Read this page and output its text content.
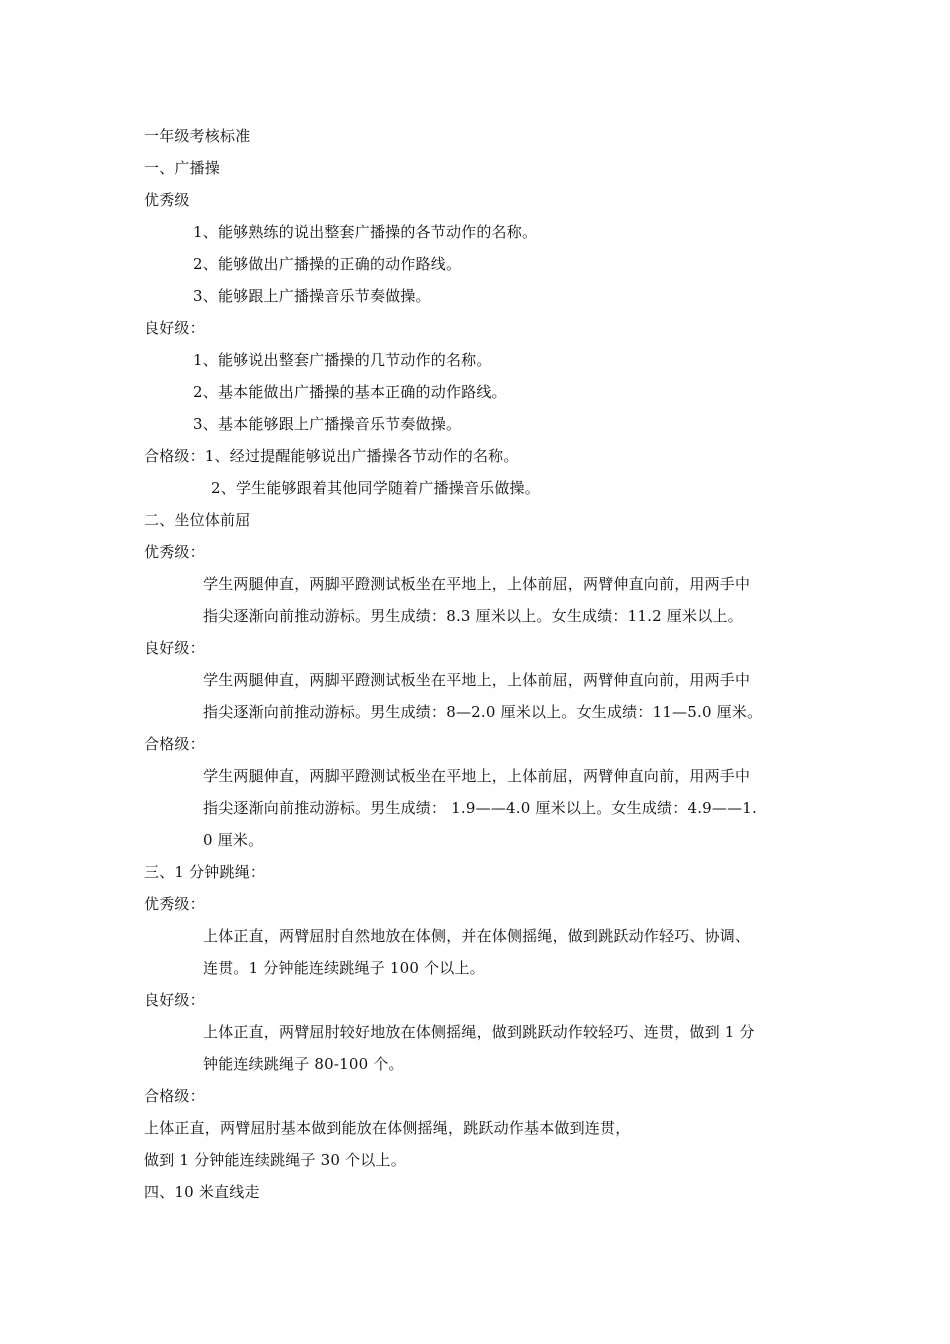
一年级考核标准
一、广播操
优秀级
1、能够熟练的说出整套广播操的各节动作的名称。
2、能够做出广播操的正确的动作路线。
3、能够跟上广播操音乐节奏做操。
良好级：
1、能够说出整套广播操的几节动作的名称。
2、基本能做出广播操的基本正确的动作路线。
3、基本能够跟上广播操音乐节奏做操。
合格级：1、经过提醒能够说出广播操各节动作的名称。
2、学生能够跟着其他同学随着广播操音乐做操。
二、坐位体前屈
优秀级：
学生两腿伸直，两脚平蹬测试板坐在平地上，上体前屈，两臂伸直向前，用两手中
指尖逐渐向前推动游标。男生成绩：8.3 厘米以上。女生成绩：11.2 厘米以上。
良好级：
学生两腿伸直，两脚平蹬测试板坐在平地上，上体前屈，两臂伸直向前，用两手中
指尖逐渐向前推动游标。男生成绩：8—2.0 厘米以上。女生成绩：11—5.0 厘米。
合格级：
学生两腿伸直，两脚平蹬测试板坐在平地上，上体前屈，两臂伸直向前，用两手中
指尖逐渐向前推动游标。男生成绩： 1.9——4.0 厘米以上。女生成绩：4.9——1.
0 厘米。
三、1 分钟跳绳：
优秀级：
上体正直，两臂屈肘自然地放在体侧，并在体侧摇绳，做到跳跃动作轻巧、协调、
连贯。1 分钟能连续跳绳子 100 个以上。
良好级：
上体正直，两臂屈肘较好地放在体侧摇绳，做到跳跃动作较轻巧、连贯，做到 1 分
钟能连续跳绳子 80-100 个。
合格级：
上体正直，两臂屈肘基本做到能放在体侧摇绳，跳跃动作基本做到连贯，
做到 1 分钟能连续跳绳子 30 个以上。
四、10 米直线走
